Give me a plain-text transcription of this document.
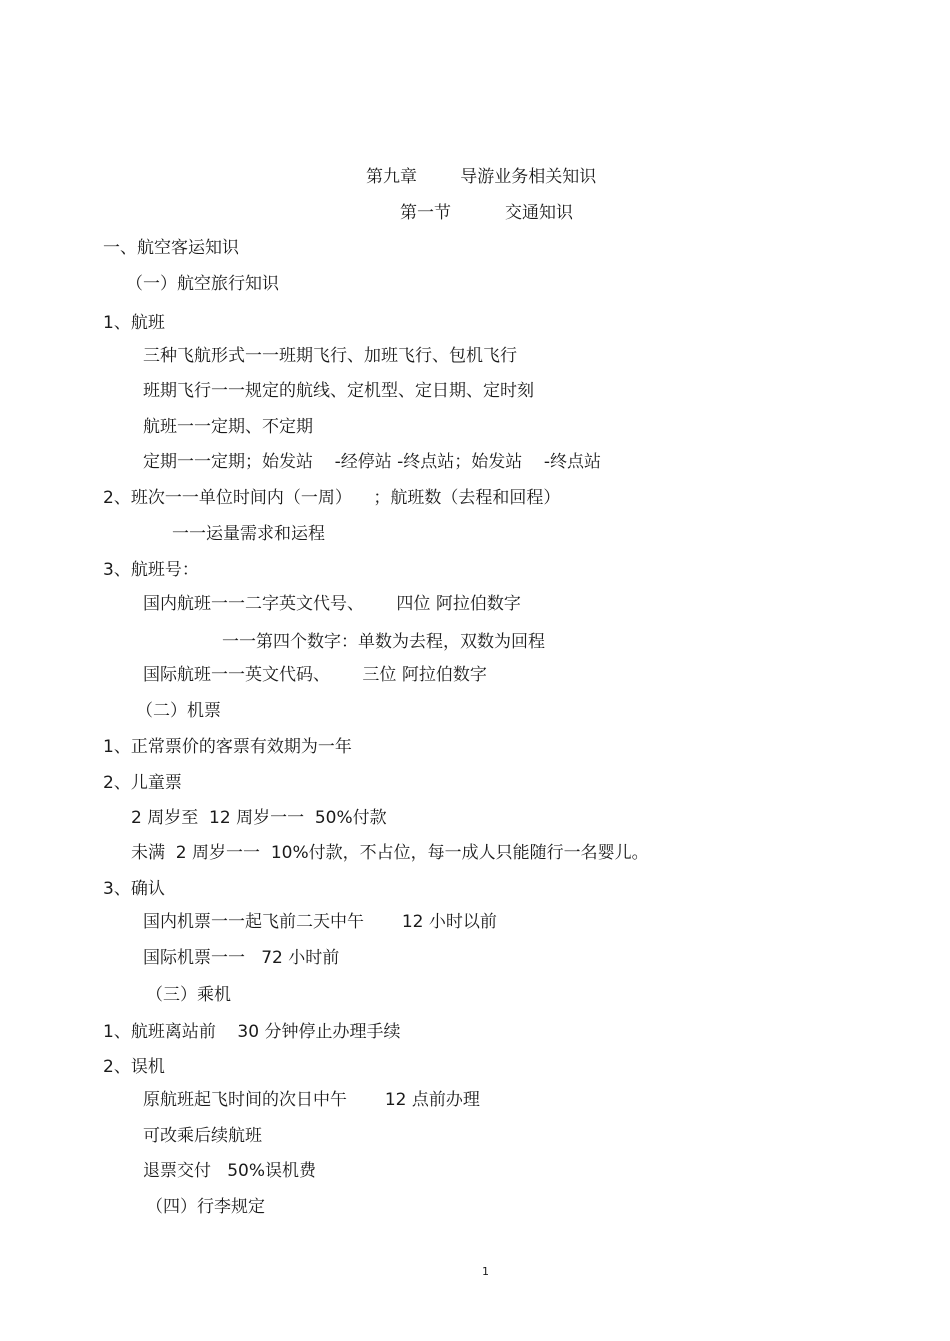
第九章        导游业务相关知识
第一节          交通知识
一、航空客运知识
（一）航空旅行知识
1、航班
三种飞航形式一一班期飞行、加班飞行、包机飞行
班期飞行一一规定的航线、定机型、定日期、定时刻
航班一一定期、不定期
定期一一定期；始发站    -经停站 -终点站；始发站    -终点站
2、班次一一单位时间内（一周）    ；航班数（去程和回程）
一一运量需求和运程
3、航班号：
国内航班一一二字英文代号、      四位 阿拉伯数字
一一第四个数字：单数为去程，双数为回程
国际航班一一英文代码、      三位 阿拉伯数字
（二）机票
1、正常票价的客票有效期为一年
2、儿童票
2 周岁至  12 周岁一一  50%付款
未满  2 周岁一一  10%付款，不占位，每一成人只能随行一名婴儿。
3、确认
国内机票一一起飞前二天中午       12 小时以前
国际机票一一   72 小时前
（三）乘机
1、航班离站前    30 分钟停止办理手续
2、误机
原航班起飞时间的次日中午       12 点前办理
可改乘后续航班
退票交付   50%误机费
（四）行李规定
1
